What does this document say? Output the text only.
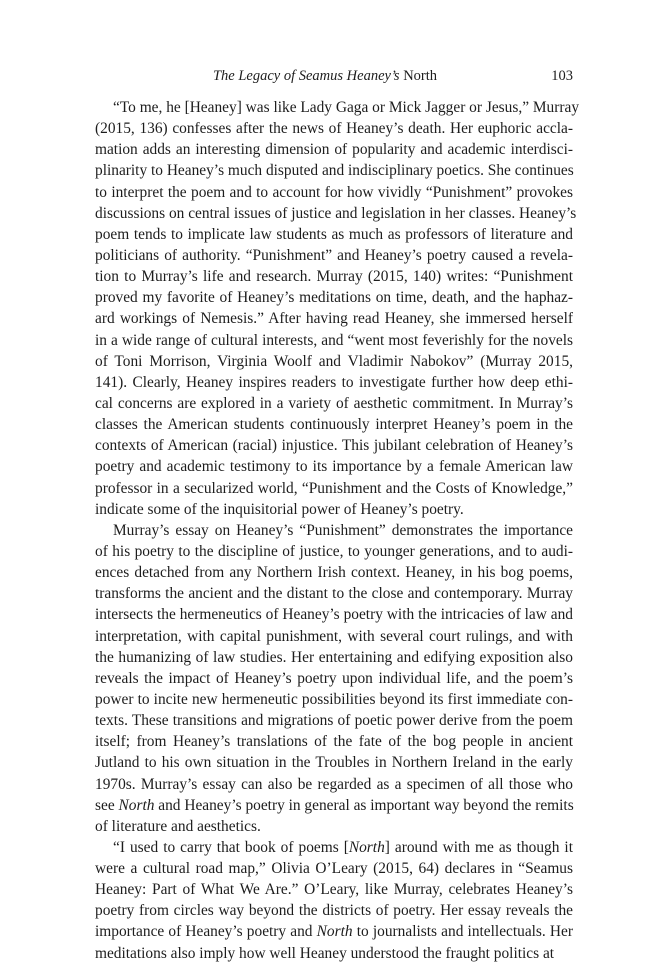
The Legacy of Seamus Heaney’s North	103

“To me, he [Heaney] was like Lady Gaga or Mick Jagger or Jesus,” Murray
(2015, 136) confesses after the news of Heaney’s death. Her euphoric accla-
mation adds an interesting dimension of popularity and academic interdisci-
plinarity to Heaney’s much disputed and indisciplinary poetics. She continues
to interpret the poem and to account for how vividly “Punishment” provokes
discussions on central issues of justice and legislation in her classes. Heaney’s
poem tends to implicate law students as much as professors of literature and
politicians of authority. “Punishment” and Heaney’s poetry caused a revela-
tion to Murray’s life and research. Murray (2015, 140) writes: “Punishment
proved my favorite of Heaney’s meditations on time, death, and the haphaz-
ard workings of Nemesis.” After having read Heaney, she immersed herself
in a wide range of cultural interests, and “went most feverishly for the novels
of Toni Morrison, Virginia Woolf and Vladimir Nabokov” (Murray 2015,
141). Clearly, Heaney inspires readers to investigate further how deep ethi-
cal concerns are explored in a variety of aesthetic commitment. In Murray’s
classes the American students continuously interpret Heaney’s poem in the
contexts of American (racial) injustice. This jubilant celebration of Heaney’s
poetry and academic testimony to its importance by a female American law
professor in a secularized world, “Punishment and the Costs of Knowledge,”
indicate some of the inquisitorial power of Heaney’s poetry.

Murray’s essay on Heaney’s “Punishment” demonstrates the importance
of his poetry to the discipline of justice, to younger generations, and to audi-
ences detached from any Northern Irish context. Heaney, in his bog poems,
transforms the ancient and the distant to the close and contemporary. Murray
intersects the hermeneutics of Heaney’s poetry with the intricacies of law and
interpretation, with capital punishment, with several court rulings, and with
the humanizing of law studies. Her entertaining and edifying exposition also
reveals the impact of Heaney’s poetry upon individual life, and the poem’s
power to incite new hermeneutic possibilities beyond its first immediate con-
texts. These transitions and migrations of poetic power derive from the poem
itself; from Heaney’s translations of the fate of the bog people in ancient
Jutland to his own situation in the Troubles in Northern Ireland in the early
1970s. Murray’s essay can also be regarded as a specimen of all those who
see North and Heaney’s poetry in general as important way beyond the remits
of literature and aesthetics.

“I used to carry that book of poems [North] around with me as though it
were a cultural road map,” Olivia O’Leary (2015, 64) declares in “Seamus
Heaney: Part of What We Are.” O’Leary, like Murray, celebrates Heaney’s
poetry from circles way beyond the districts of poetry. Her essay reveals the
importance of Heaney’s poetry and North to journalists and intellectuals. Her
meditations also imply how well Heaney understood the fraught politics at
